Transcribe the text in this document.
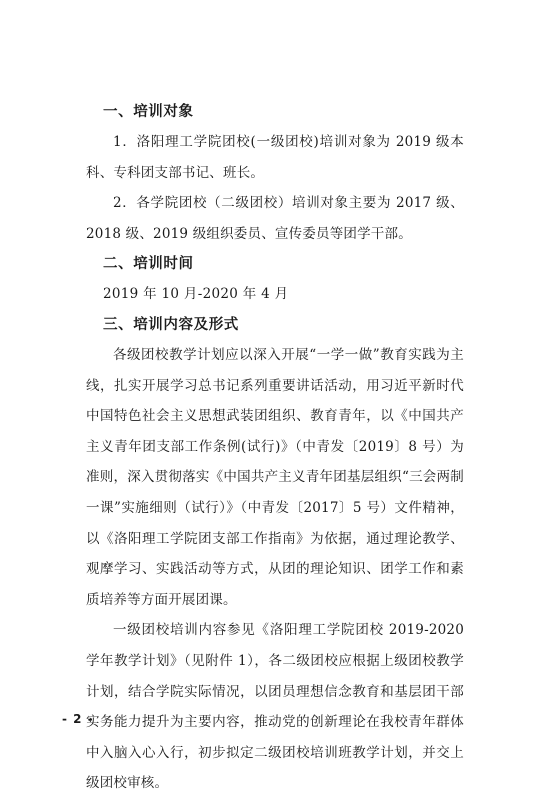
一、培训对象

1．洛阳理工学院团校(一级团校)培训对象为 2019 级本科、专科团支部书记、班长。

2．各学院团校（二级团校）培训对象主要为 2017 级、2018 级、2019 级组织委员、宣传委员等团学干部。

二、培训时间

2019 年 10 月-2020 年 4 月

三、培训内容及形式

各级团校教学计划应以深入开展“一学一做”教育实践为主线，扎实开展学习总书记系列重要讲话活动，用习近平新时代中国特色社会主义思想武装团组织、教育青年，以《中国共产主义青年团支部工作条例(试行)》（中青发〔2019〕8 号）为准则，深入贯彻落实《中国共产主义青年团基层组织“三会两制一课”实施细则（试行）》（中青发〔2017〕5 号）文件精神，以《洛阳理工学院团支部工作指南》为依据，通过理论教学、观摩学习、实践活动等方式，从团的理论知识、团学工作和素质培养等方面开展团课。

一级团校培训内容参见《洛阳理工学院团校 2019-2020 学年教学计划》（见附件 1），各二级团校应根据上级团校教学计划，结合学院实际情况，以团员理想信念教育和基层团干部实务能力提升为主要内容，推动党的创新理论在我校青年群体中入脑入心入行，初步拟定二级团校培训班教学计划，并交上级团校审核。

- 2 -
